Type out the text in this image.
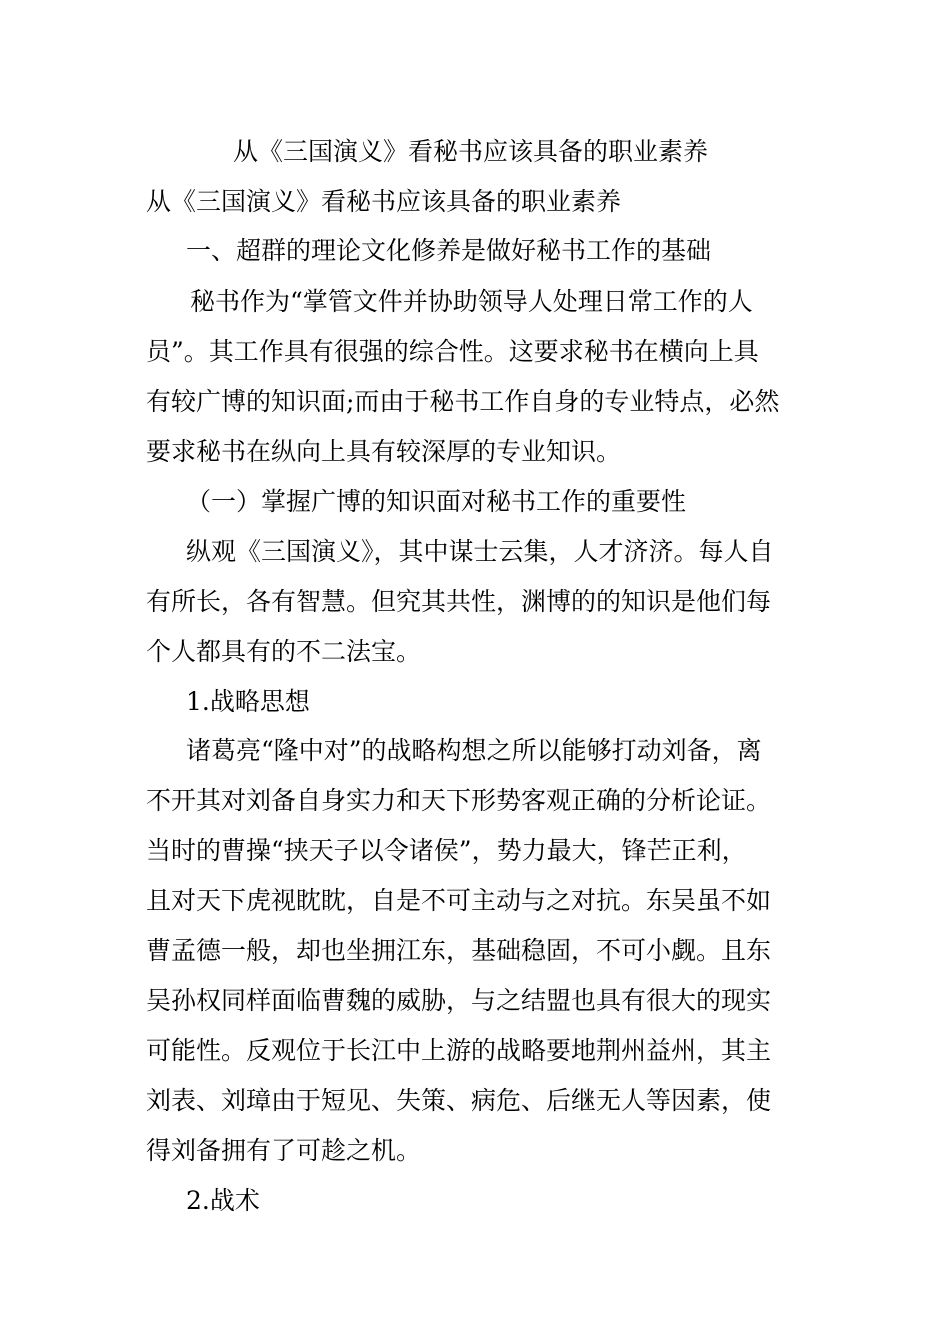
从《三国演义》看秘书应该具备的职业素养

从《三国演义》看秘书应该具备的职业素养

一、超群的理论文化修养是做好秘书工作的基础

秘书作为“掌管文件并协助领导人处理日常工作的人

员”。其工作具有很强的综合性。这要求秘书在横向上具

有较广博的知识面;而由于秘书工作自身的专业特点，必然

要求秘书在纵向上具有较深厚的专业知识。

（一）掌握广博的知识面对秘书工作的重要性

纵观《三国演义》，其中谋士云集，人才济济。每人自

有所长，各有智慧。但究其共性，渊博的的知识是他们每

个人都具有的不二法宝。

1.战略思想

诸葛亮“隆中对”的战略构想之所以能够打动刘备，离

不开其对刘备自身实力和天下形势客观正确的分析论证。

当时的曹操“挟天子以令诸侯”，势力最大，锋芒正利，

且对天下虎视眈眈，自是不可主动与之对抗。东吴虽不如

曹孟德一般，却也坐拥江东，基础稳固，不可小觑。且东

吴孙权同样面临曹魏的威胁，与之结盟也具有很大的现实

可能性。反观位于长江中上游的战略要地荆州益州，其主

刘表、刘璋由于短见、失策、病危、后继无人等因素，使

得刘备拥有了可趁之机。

2.战术
